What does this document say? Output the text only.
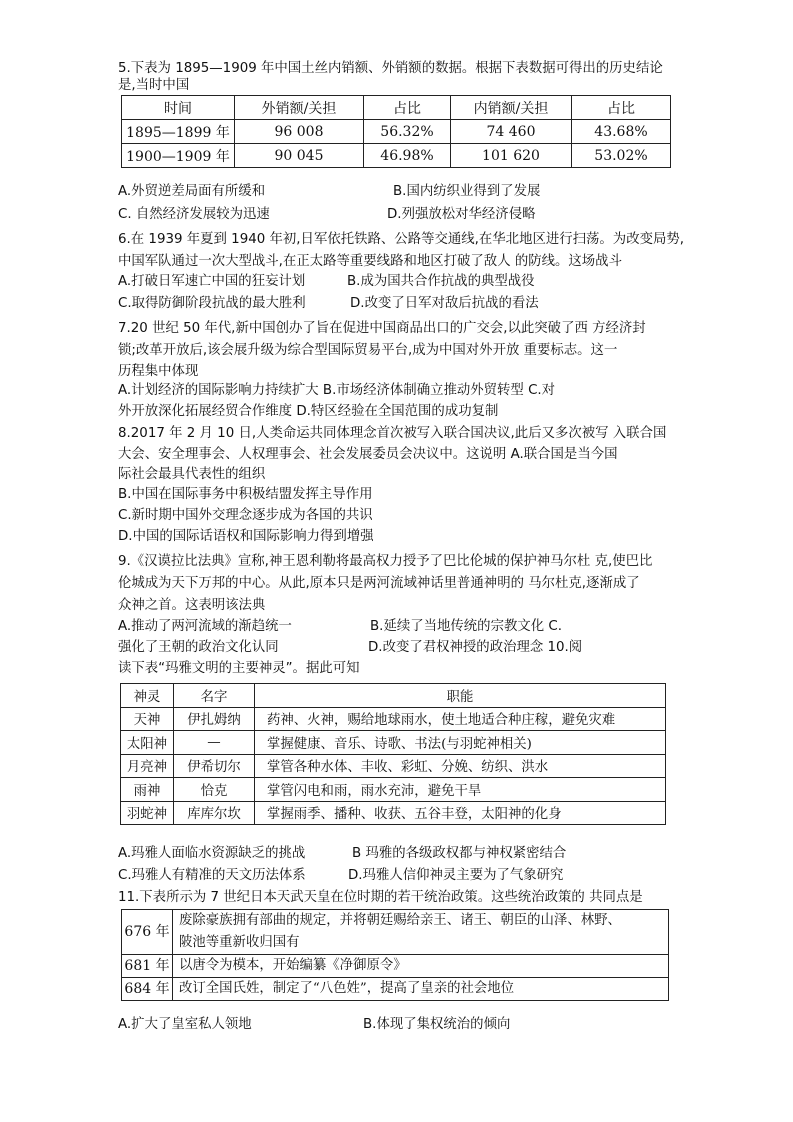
5.下表为 1895—1909 年中国土丝内销额、外销额的数据。根据下表数据可得出的历史结论
是,当时中国
时间	外销额/关担	占比	内销额/关担	占比
1895—1899 年	96 008	56.32%	74 460	43.68%
1900—1909 年	90 045	46.98%	101 620	53.02%
A.外贸逆差局面有所缓和	B.国内纺织业得到了发展
C. 自然经济发展较为迅速	D.列强放松对华经济侵略
6.在 1939 年夏到 1940 年初,日军依托铁路、公路等交通线,在华北地区进行扫荡。为改变局势,
中国军队通过一次大型战斗,在正太路等重要线路和地区打破了敌人 的防线。这场战斗
A.打破日军速亡中国的狂妄计划	B.成为国共合作抗战的典型战役
C.取得防御阶段抗战的最大胜利	D.改变了日军对敌后抗战的看法
7.20 世纪 50 年代,新中国创办了旨在促进中国商品出口的广交会,以此突破了西 方经济封
锁;改革开放后,该会展升级为综合型国际贸易平台,成为中国对外开放 重要标志。这一
历程集中体现
A.计划经济的国际影响力持续扩大 B.市场经济体制确立推动外贸转型 C.对
外开放深化拓展经贸合作维度 D.特区经验在全国范围的成功复制
8.2017 年 2 月 10 日,人类命运共同体理念首次被写入联合国决议,此后又多次被写 入联合国
大会、安全理事会、人权理事会、社会发展委员会决议中。这说明 A.联合国是当今国
际社会最具代表性的组织
B.中国在国际事务中积极结盟发挥主导作用
C.新时期中国外交理念逐步成为各国的共识
D.中国的国际话语权和国际影响力得到增强
9.《汉谟拉比法典》宣称,神王恩利勒将最高权力授予了巴比伦城的保护神马尔杜 克,使巴比
伦城成为天下万邦的中心。从此,原本只是两河流域神话里普通神明的 马尔杜克,逐渐成了
众神之首。这表明该法典
A.推动了两河流域的渐趋统一	B.延续了当地传统的宗教文化 C.
强化了王朝的政治文化认同	D.改变了君权神授的政治理念 10.阅
读下表“玛雅文明的主要神灵”。据此可知
神灵	名字	职能
天神	伊扎姆纳	药神、火神，赐给地球雨水，使土地适合种庄稼，避免灾难
太阳神	—	掌握健康、音乐、诗歌、书法(与羽蛇神相关)
月亮神	伊希切尔	掌管各种水体、丰收、彩虹、分娩、纺织、洪水
雨神	恰克	掌管闪电和雨，雨水充沛，避免干旱
羽蛇神	库库尔坎	掌握雨季、播种、收获、五谷丰登，太阳神的化身
A.玛雅人面临水资源缺乏的挑战	B 玛雅的各级政权都与神权紧密结合
C.玛雅人有精准的天文历法体系	D.玛雅人信仰神灵主要为了气象研究
11.下表所示为 7 世纪日本天武天皇在位时期的若干统治政策。这些统治政策的 共同点是
676 年	废除豪族拥有部曲的规定，并将朝廷赐给亲王、诸王、朝臣的山泽、林野、
陂池等重新收归国有

681 年	以唐令为模本，开始编纂《净御原令》
684 年	改订全国氏姓，制定了“八色姓”，提高了皇亲的社会地位
A.扩大了皇室私人领地	B.体现了集权统治的倾向
